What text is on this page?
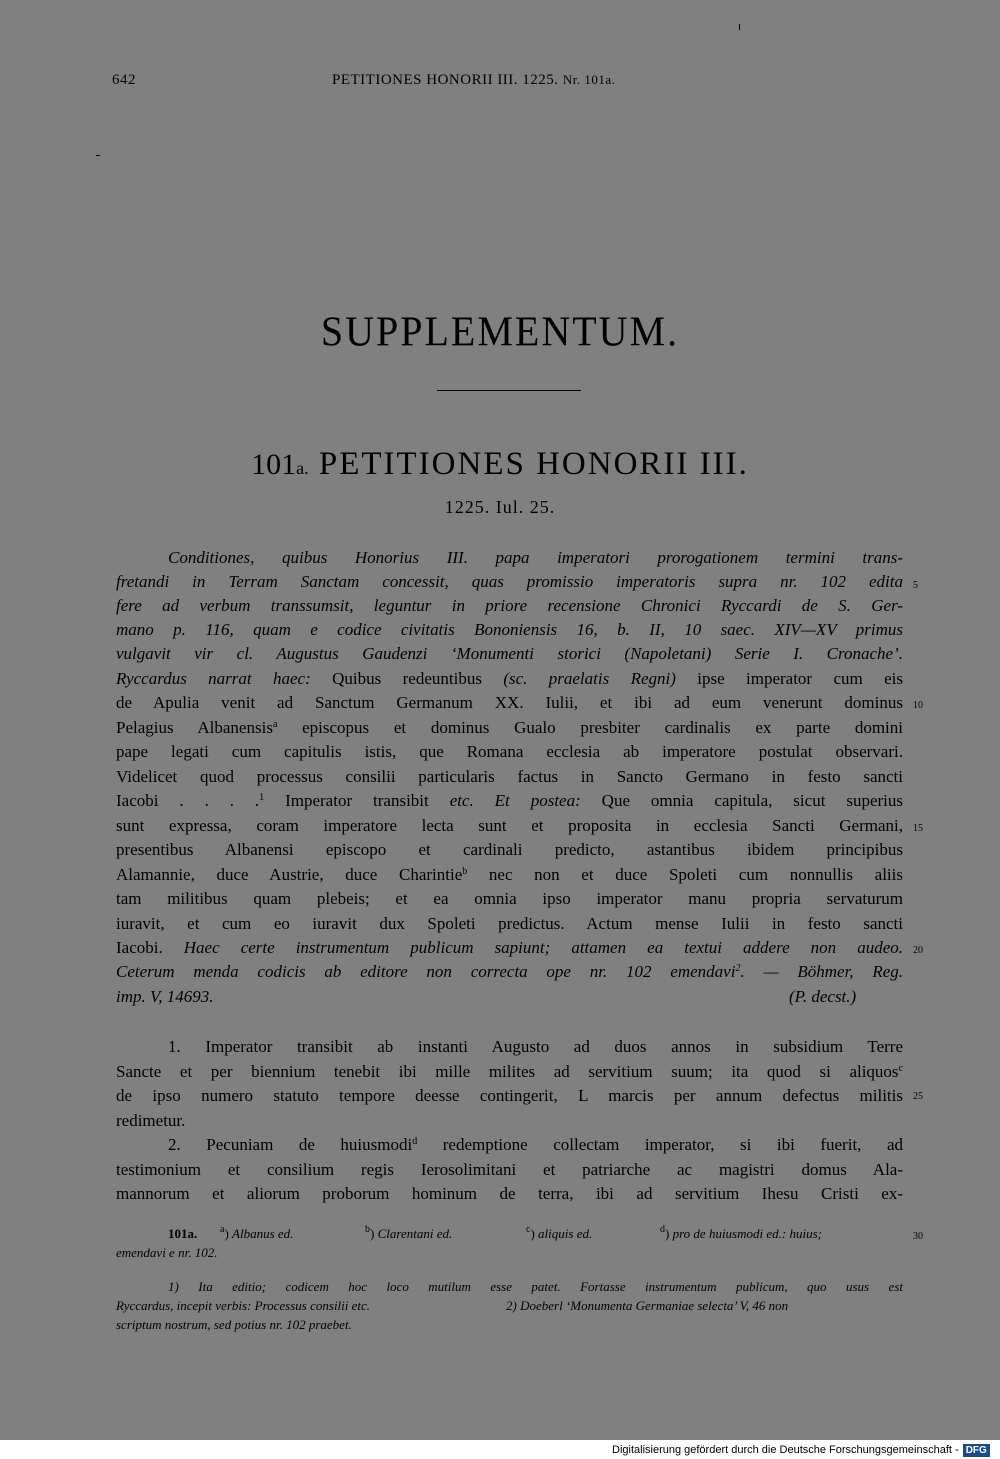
642	PETITIONES HONORII III. 1225. Nr. 101a.
SUPPLEMENTUM.
101a. PETITIONES HONORII III.
1225. Iul. 25.
Conditiones, quibus Honorius III. papa imperatori prorogationem termini trans-
fretandi in Terram Sanctam concessit, quas promissio imperatoris supra nr. 102 edita
fere ad verbum transsumsit, leguntur in priore recensione Chronici Ryccardi de S. Ger-
mano p. 116, quam e codice civitatis Bononiensis 16, b. II, 10 saec. XIV—XV primus
vulgavit vir cl. Augustus Gaudenzi ‘Monumenti storici (Napoletani) Serie I. Cronache’.
Ryccardus narrat haec: Quibus redeuntibus (sc. praelatis Regni) ipse imperator cum eis
de Apulia venit ad Sanctum Germanum XX. Iulii, et ibi ad eum venerunt dominus
Pelagius Albanensis$^a$ episcopus et dominus Gualo presbiter cardinalis ex parte domini
pape legati cum capitulis istis, que Romana ecclesia ab imperatore postulat observari.
Videlicet quod processus consilii particularis factus in Sancto Germano in festo sancti
Iacobi . . . .$^1$ Imperator transibit etc. Et postea: Que omnia capitula, sicut superius
sunt expressa, coram imperatore lecta sunt et proposita in ecclesia Sancti Germani,
presentibus Albanensi episcopo et cardinali predicto, astantibus ibidem principibus
Alamannie, duce Austrie, duce Charintie$^b$ nec non et duce Spoleti cum nonnullis aliis
tam militibus quam plebeis; et ea omnia ipso imperator manu propria servaturum
iuravit, et cum eo iuravit dux Spoleti predictus. Actum mense Iulii in festo sancti
Iacobi. Haec certe instrumentum publicum sapiunt; attamen ea textui addere non audeo.
Ceterum menda codicis ab editore non correcta ope nr. 102 emendavi$^2$. — Böhmer, Reg.
imp. V, 14693.	(P. decst.)
1. Imperator transibit ab instanti Augusto ad duos annos in subsidium Terre
Sancte et per biennium tenebit ibi mille milites ad servitium suum; ita quod si aliquos$^c$
de ipso numero statuto tempore deesse contingerit, L marcis per annum defectus militis
redimetur.
2. Pecuniam de huiusmodi$^d$ redemptione collectam imperator, si ibi fuerit, ad
testimonium et consilium regis Ierosolimitani et patriarche ac magistri domus Ala-
mannorum et aliorum proborum hominum de terra, ibi ad servitium Ihesu Cristi ex-
5
10
15
20
25
30
101a. $^a$) Albanus ed.	$^b$) Clarentani ed.	$^c$) aliquis ed.	$^d$) pro de huiusmodi ed.: huius;
emendavi e nr. 102.
1) Ita editio; codicem hoc loco mutilum esse patet. Fortasse instrumentum publicum, quo usus est
Ryccardus, incepit verbis: Processus consilii etc.	2) Doeberl ‘Monumenta Germaniae selecta’ V, 46 non
scriptum nostrum, sed potius nr. 102 praebet.
Digitalisierung gefördert durch die Deutsche Forschungsgemeinschaft - DFG
